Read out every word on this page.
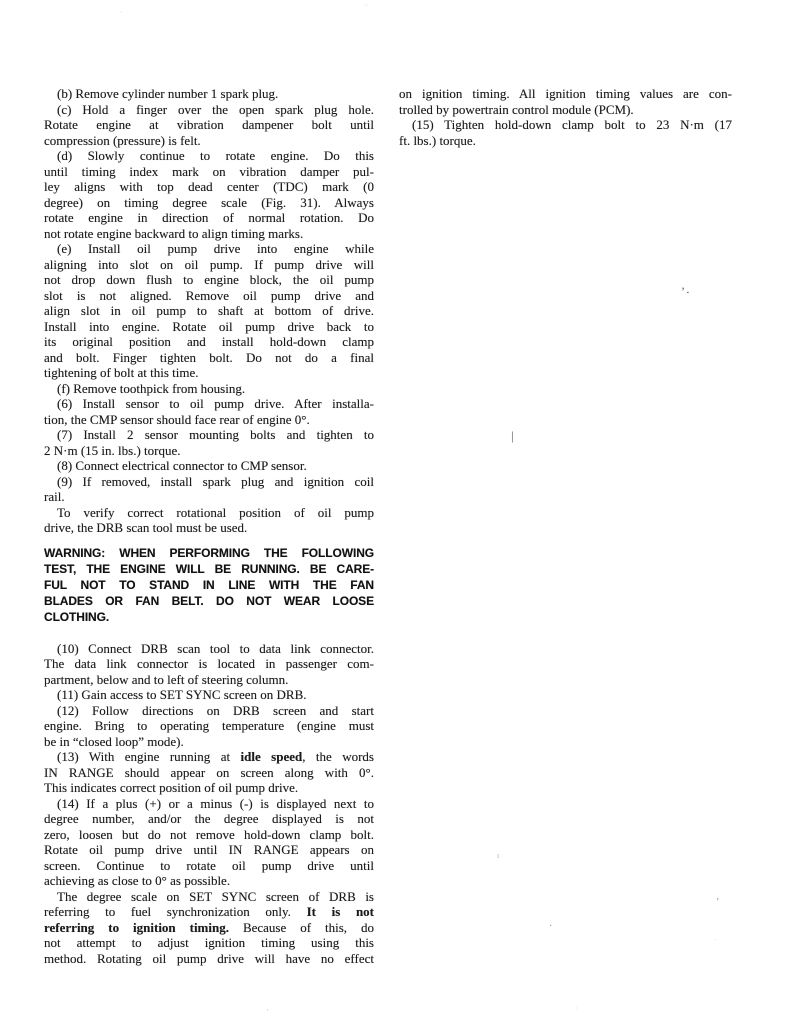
(b) Remove cylinder number 1 spark plug.

(c) Hold a finger over the open spark plug hole.
Rotate engine at vibration dampener bolt until
compression (pressure) is felt.

(d) Slowly continue to rotate engine. Do this
until timing index mark on vibration damper pul-
ley aligns with top dead center (TDC) mark (0
degree) on timing degree scale (Fig. 31). Always
rotate engine in direction of normal rotation. Do
not rotate engine backward to align timing marks.

(e) Install oil pump drive into engine while
aligning into slot on oil pump. If pump drive will
not drop down flush to engine block, the oil pump
slot is not aligned. Remove oil pump drive and
align slot in oil pump to shaft at bottom of drive.
Install into engine. Rotate oil pump drive back to
its original position and install hold-down clamp
and bolt. Finger tighten bolt. Do not do a final
tightening of bolt at this time.

(f) Remove toothpick from housing.

(6) Install sensor to oil pump drive. After installa-
tion, the CMP sensor should face rear of engine 0°.

(7) Install 2 sensor mounting bolts and tighten to
2 N·m (15 in. lbs.) torque.

(8) Connect electrical connector to CMP sensor.

(9) If removed, install spark plug and ignition coil
rail.

To verify correct rotational position of oil pump
drive, the DRB scan tool must be used.

WARNING: WHEN PERFORMING THE FOLLOWING
TEST, THE ENGINE WILL BE RUNNING. BE CARE-
FUL NOT TO STAND IN LINE WITH THE FAN
BLADES OR FAN BELT. DO NOT WEAR LOOSE
CLOTHING.

(10) Connect DRB scan tool to data link connector.
The data link connector is located in passenger com-
partment, below and to left of steering column.

(11) Gain access to SET SYNC screen on DRB.

(12) Follow directions on DRB screen and start
engine. Bring to operating temperature (engine must
be in “closed loop” mode).

(13) With engine running at idle speed, the words
IN RANGE should appear on screen along with 0°.
This indicates correct position of oil pump drive.

(14) If a plus (+) or a minus (-) is displayed next to
degree number, and/or the degree displayed is not
zero, loosen but do not remove hold-down clamp bolt.
Rotate oil pump drive until IN RANGE appears on
screen. Continue to rotate oil pump drive until
achieving as close to 0° as possible.

The degree scale on SET SYNC screen of DRB is
referring to fuel synchronization only. It is not
referring to ignition timing. Because of this, do
not attempt to adjust ignition timing using this
method. Rotating oil pump drive will have no effect

on ignition timing. All ignition timing values are con-
trolled by powertrain control module (PCM).

(15) Tighten hold-down clamp bolt to 23 N·m (17
ft. lbs.) torque.

’ ▪
|
’
·
ı
·
⁘
·	·
·
